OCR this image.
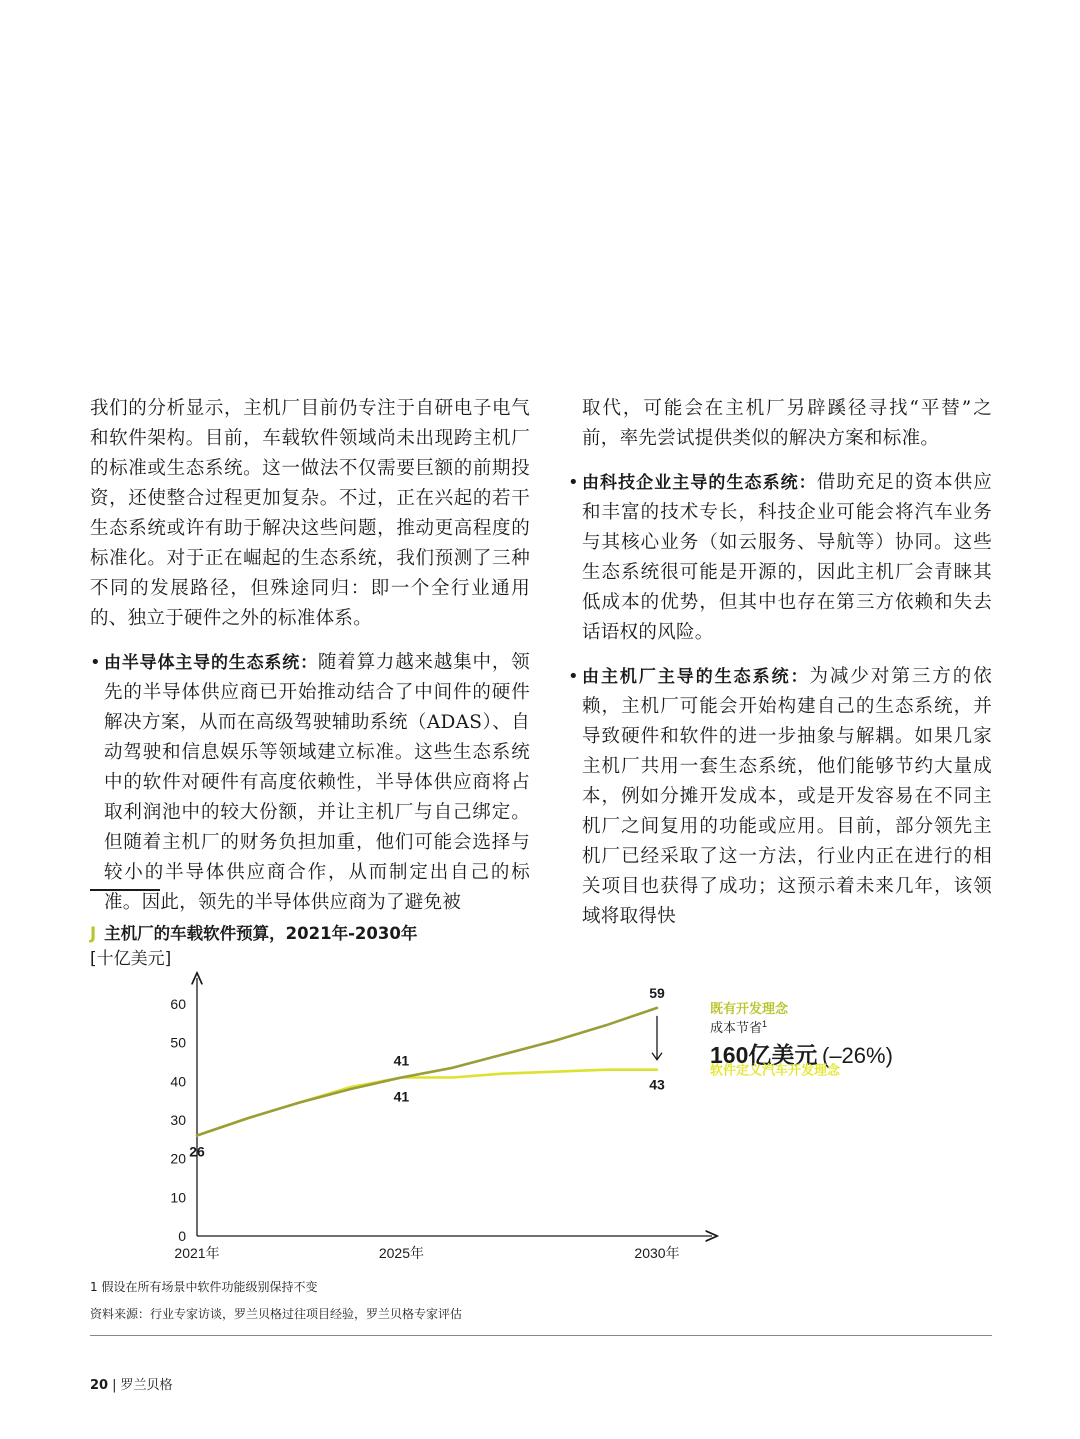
我们的分析显示，主机厂目前仍专注于自研电子电气和软件架构。目前，车载软件领域尚未出现跨主机厂的标准或生态系统。这一做法不仅需要巨额的前期投资，还使整合过程更加复杂。不过，正在兴起的若干生态系统或许有助于解决这些问题，推动更高程度的标准化。对于正在崛起的生态系统，我们预测了三种不同的发展路径，但殊途同归：即一个全行业通用的、独立于硬件之外的标准体系。

• 由半导体主导的生态系统：随着算力越来越集中，领先的半导体供应商已开始推动结合了中间件的硬件解决方案，从而在高级驾驶辅助系统（ADAS）、自动驾驶和信息娱乐等领域建立标准。这些生态系统中的软件对硬件有高度依赖性，半导体供应商将占取利润池中的较大份额，并让主机厂与自己绑定。但随着主机厂的财务负担加重，他们可能会选择与较小的半导体供应商合作，从而制定出自己的标准。因此，领先的半导体供应商为了避免被

取代，可能会在主机厂另辟蹊径寻找“平替”之前，率先尝试提供类似的解决方案和标准。

• 由科技企业主导的生态系统：借助充足的资本供应和丰富的技术专长，科技企业可能会将汽车业务与其核心业务（如云服务、导航等）协同。这些生态系统很可能是开源的，因此主机厂会青睐其低成本的优势，但其中也存在第三方依赖和失去话语权的风险。
• 由主机厂主导的生态系统：为减少对第三方的依赖，主机厂可能会开始构建自己的生态系统，并导致硬件和软件的进一步抽象与解耦。如果几家主机厂共用一套生态系统，他们能够节约大量成本，例如分摊开发成本，或是开发容易在不同主机厂之间复用的功能或应用。目前，部分领先主机厂已经采取了这一方法，行业内正在进行的相关项目也获得了成功；这预示着未来几年，该领域将取得快
J 主机厂的车载软件预算，2021年-2030年
[十亿美元]
0
10
20
30
40
50
60
2021年	2025年	2030年
26
41
41
59
43
既有开发理念
成本节省$^1$
160亿美元 (–26%)
软件定义汽车开发理念
1 假设在所有场景中软件功能级别保持不变
资料来源：行业专家访谈，罗兰贝格过往项目经验，罗兰贝格专家评估
20 | 罗兰贝格
